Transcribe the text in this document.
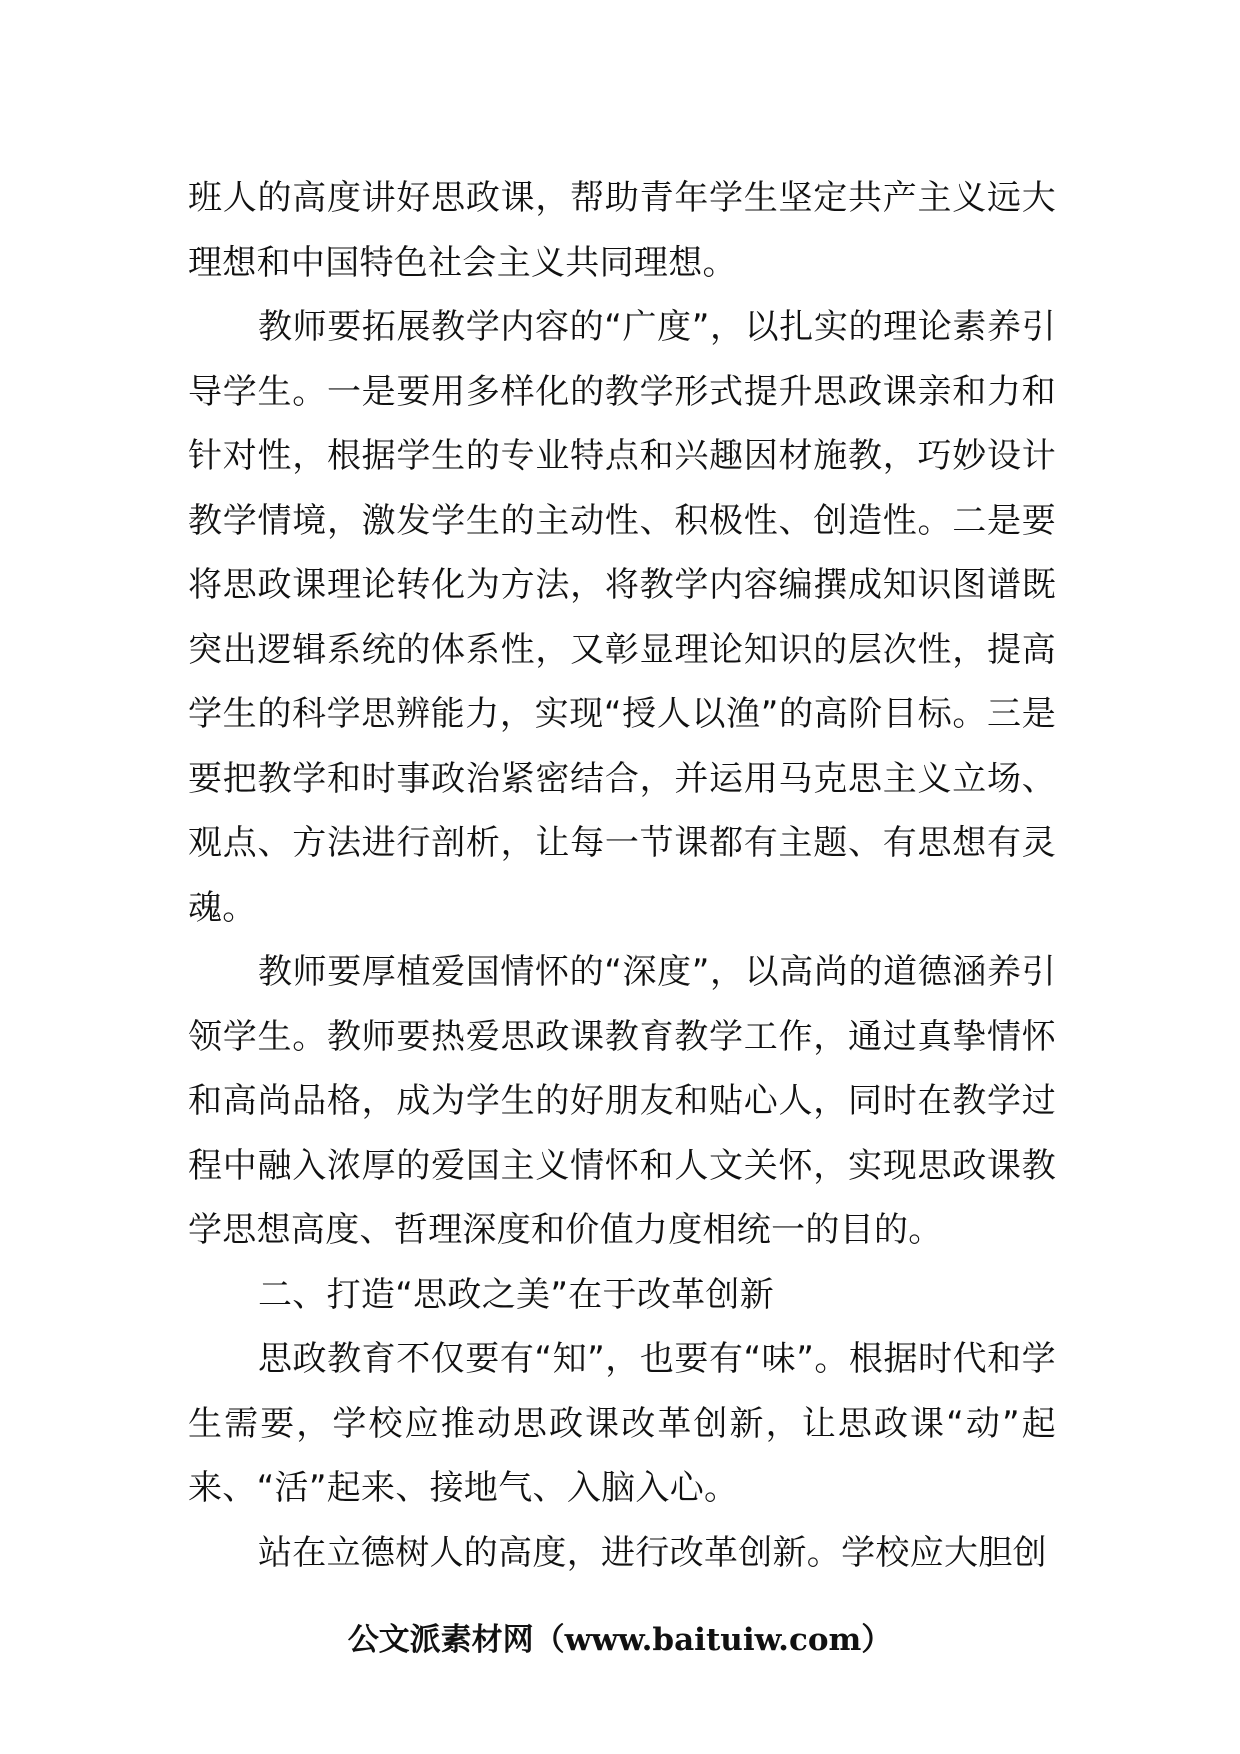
班人的高度讲好思政课，帮助青年学生坚定共产主义远大理想和中国特色社会主义共同理想。

教师要拓展教学内容的“广度”，以扎实的理论素养引导学生。一是要用多样化的教学形式提升思政课亲和力和针对性，根据学生的专业特点和兴趣因材施教，巧妙设计教学情境，激发学生的主动性、积极性、创造性。二是要将思政课理论转化为方法，将教学内容编撰成知识图谱既突出逻辑系统的体系性，又彰显理论知识的层次性，提高学生的科学思辨能力，实现“授人以渔”的高阶目标。三是要把教学和时事政治紧密结合，并运用马克思主义立场、观点、方法进行剖析，让每一节课都有主题、有思想有灵魂。

教师要厚植爱国情怀的“深度”，以高尚的道德涵养引领学生。教师要热爱思政课教育教学工作，通过真挚情怀和高尚品格，成为学生的好朋友和贴心人，同时在教学过程中融入浓厚的爱国主义情怀和人文关怀，实现思政课教学思想高度、哲理深度和价值力度相统一的目的。

二、打造“思政之美”在于改革创新

思政教育不仅要有“知”，也要有“味”。根据时代和学生需要，学校应推动思政课改革创新，让思政课“动”起来、“活”起来、接地气、入脑入心。

站在立德树人的高度，进行改革创新。学校应大胆创

公文派素材网（www.baituiw.com）
